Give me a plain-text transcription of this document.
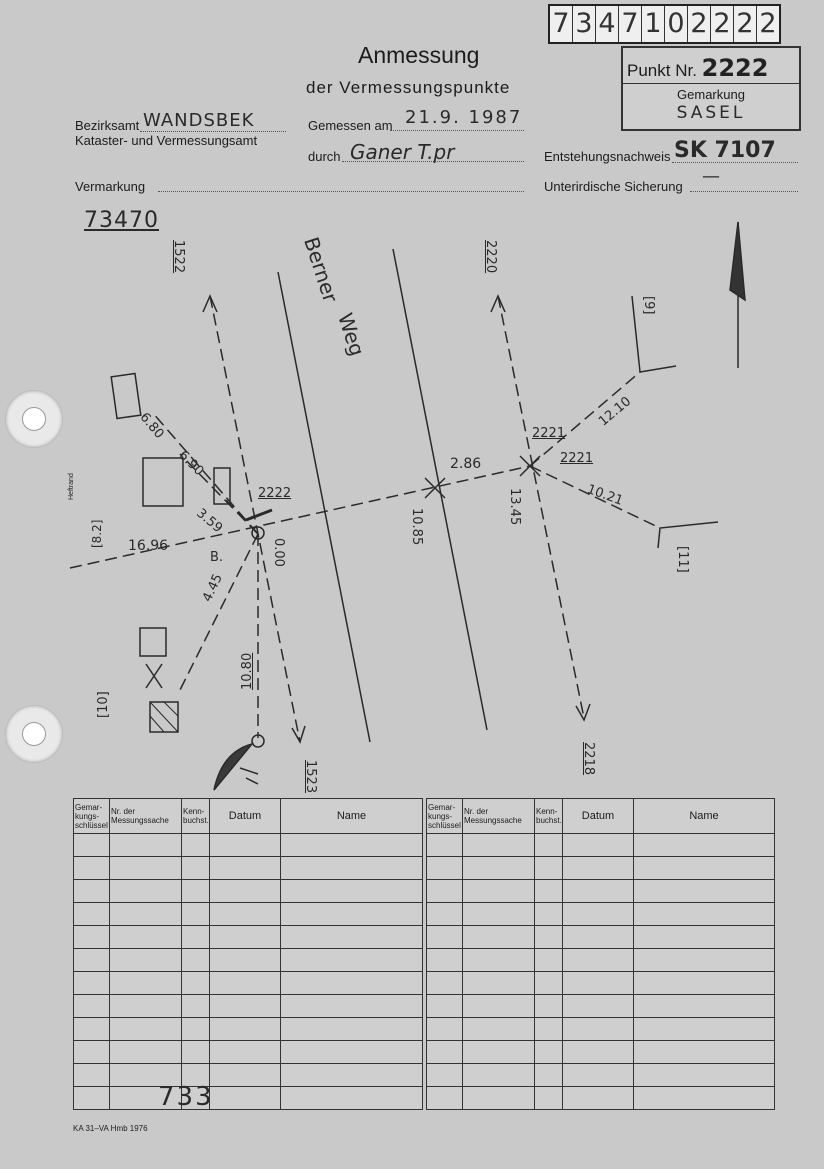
7 3 4 7 1 0 2 2 2 2
Anmessung
der Vermessungspunkte
Punkt Nr. 2222
Gemarkung
SASEL
Bezirksamt WANDSBEK
Kataster- und Vermessungsamt
Gemessen am 21.9. 1987
durch Ganer T.pr	Entstehungsnachweis SK 7107
Vermarkung	Unterirdische Sicherung —
73470
Berner
Weg
Heftrand
1522	2220
2218
1523
2222
2221
2221
6.80
6.90
3.59
16.96	0.00
4.45
10.80
2.86
10.85
13.45
12.10
10.21
B.
[8.2]
[9]
[10]
[11]
Gemar-kungs-schlüssel	Nr. der Messungssache	Kenn-buchst.	Datum	Name

Gemar-kungs-schlüssel	Nr. der Messungssache	Kenn-buchst.	Datum	Name

733
KA 31–VA Hmb 1976
